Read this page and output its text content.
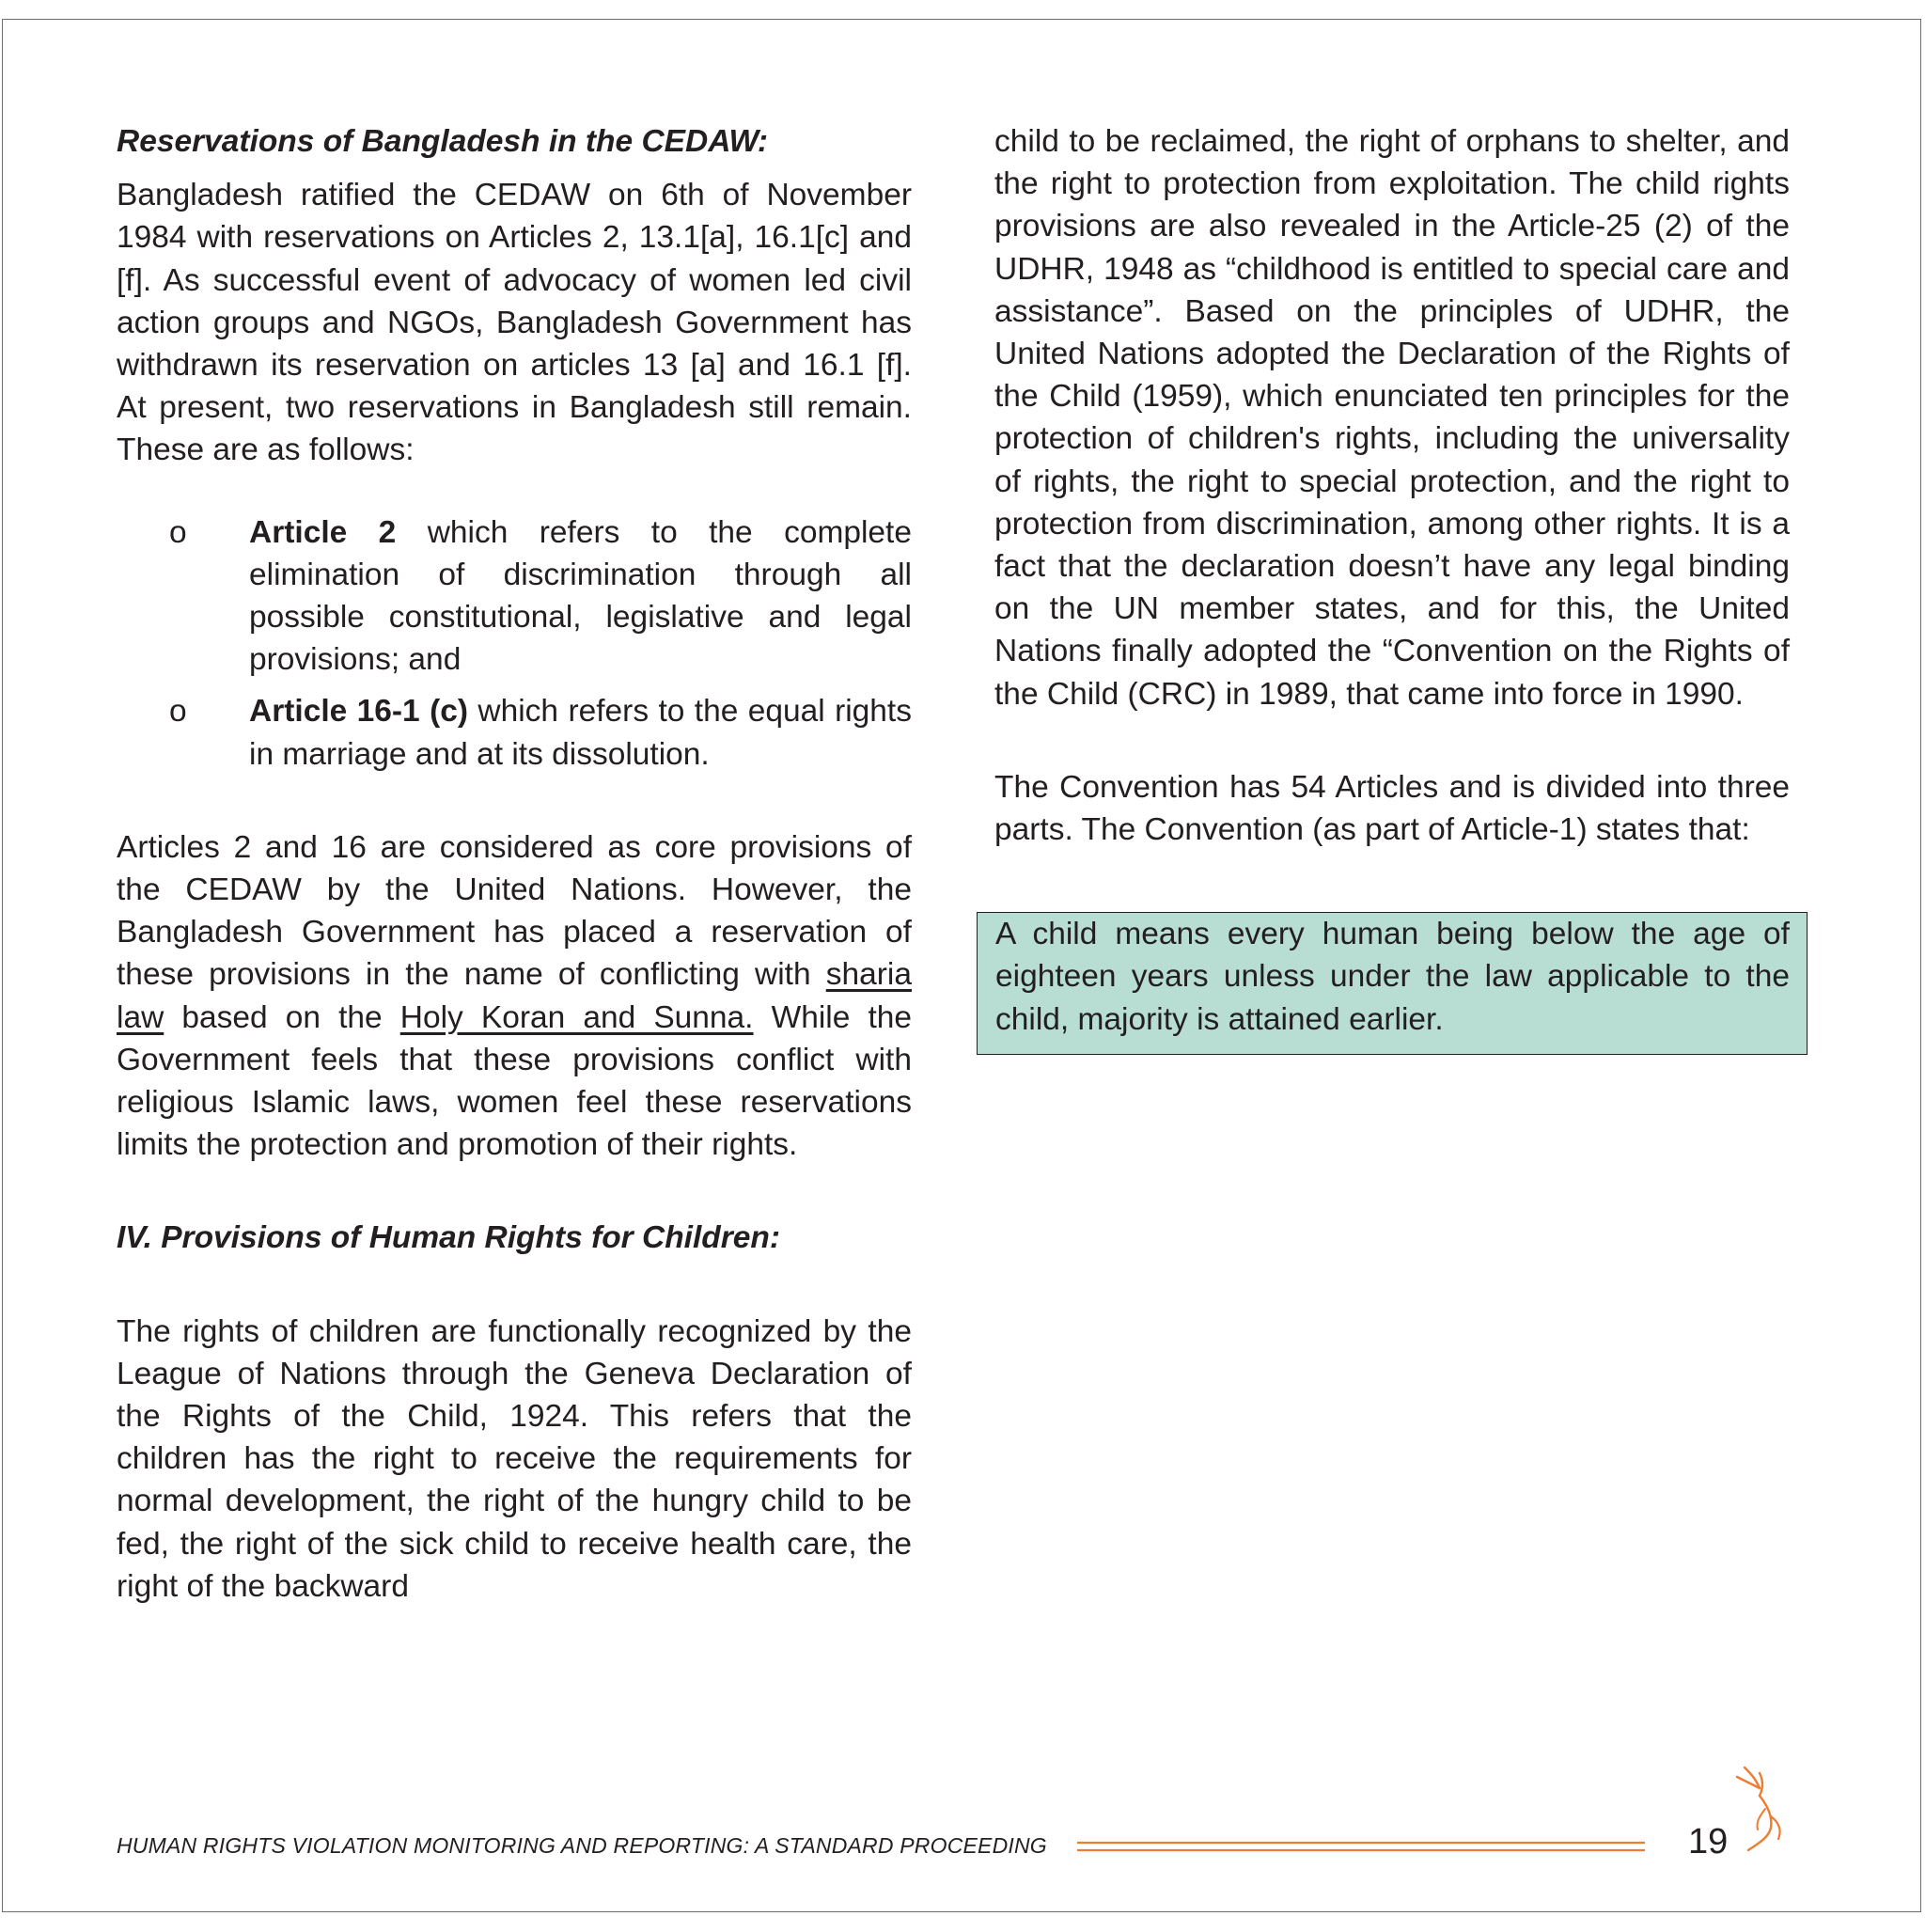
Reservations of Bangladesh in the CEDAW:

Bangladesh ratified the CEDAW on 6th of November 1984 with reservations on Articles 2, 13.1[a], 16.1[c] and [f]. As successful event of advocacy of women led civil action groups and NGOs, Bangladesh Government has withdrawn its reservation on articles 13 [a] and 16.1 [f]. At present, two reservations in Bangladesh still remain. These are as follows:

o Article 2 which refers to the complete elimination of discrimination through all possible constitutional, legislative and legal provisions; and
o Article 16-1 (c) which refers to the equal rights in marriage and at its dissolution.

Articles 2 and 16 are considered as core provisions of the CEDAW by the United Nations. However, the Bangladesh Government has placed a reservation of these provisions in the name of conflicting with sharia law based on the Holy Koran and Sunna. While the Government feels that these provisions conflict with religious Islamic laws, women feel these reservations limits the protection and promotion of their rights.

IV. Provisions of Human Rights for Children:

The rights of children are functionally recognized by the League of Nations through the Geneva Declaration of the Rights of the Child, 1924. This refers that the children has the right to receive the requirements for normal development, the right of the hungry child to be fed, the right of the sick child to receive health care, the right of the backward

child to be reclaimed, the right of orphans to shelter, and the right to protection from exploitation. The child rights provisions are also revealed in the Article-25 (2) of the UDHR, 1948 as “childhood is entitled to special care and assistance”. Based on the principles of UDHR, the United Nations adopted the Declaration of the Rights of the Child (1959), which enunciated ten principles for the protection of children's rights, including the universality of rights, the right to special protection, and the right to protection from discrimination, among other rights. It is a fact that the declaration doesn’t have any legal binding on the UN member states, and for this, the United Nations finally adopted the “Convention on the Rights of the Child (CRC) in 1989, that came into force in 1990.

The Convention has 54 Articles and is divided into three parts. The Convention (as part of Article-1) states that:

A child means every human being below the age of eighteen years unless under the law applicable to the child, majority is attained earlier.

HUMAN RIGHTS VIOLATION MONITORING AND REPORTING: A STANDARD PROCEEDING	19
